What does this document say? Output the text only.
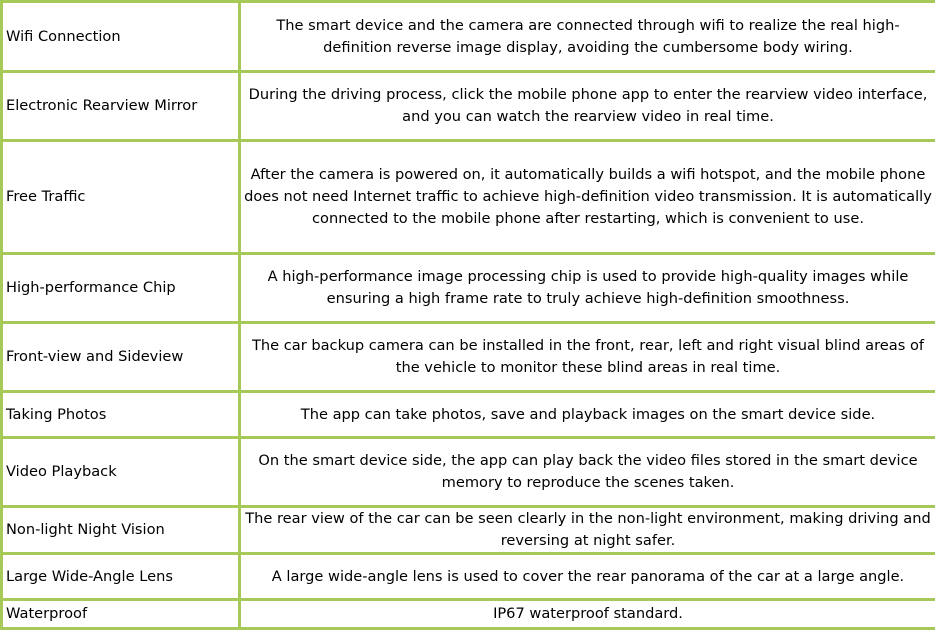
Wifi Connection	The smart device and the camera are connected through wifi to realize the real high-definition reverse image display, avoiding the cumbersome body wiring.
Electronic Rearview Mirror	During the driving process, click the mobile phone app to enter the rearview video interface, and you can watch the rearview video in real time.
Free Traffic	After the camera is powered on, it automatically builds a wifi hotspot, and the mobile phone does not need Internet traffic to achieve high-definition video transmission. It is automatically connected to the mobile phone after restarting, which is convenient to use.
High-performance Chip	A high-performance image processing chip is used to provide high-quality images while ensuring a high frame rate to truly achieve high-definition smoothness.
Front-view and Sideview	The car backup camera can be installed in the front, rear, left and right visual blind areas of the vehicle to monitor these blind areas in real time.
Taking Photos	The app can take photos, save and playback images on the smart device side.
Video Playback	On the smart device side, the app can play back the video files stored in the smart device memory to reproduce the scenes taken.
Non-light Night Vision	The rear view of the car can be seen clearly in the non-light environment, making driving and reversing at night safer.
Large Wide-Angle Lens	A large wide-angle lens is used to cover the rear panorama of the car at a large angle.
Waterproof	IP67 waterproof standard.
